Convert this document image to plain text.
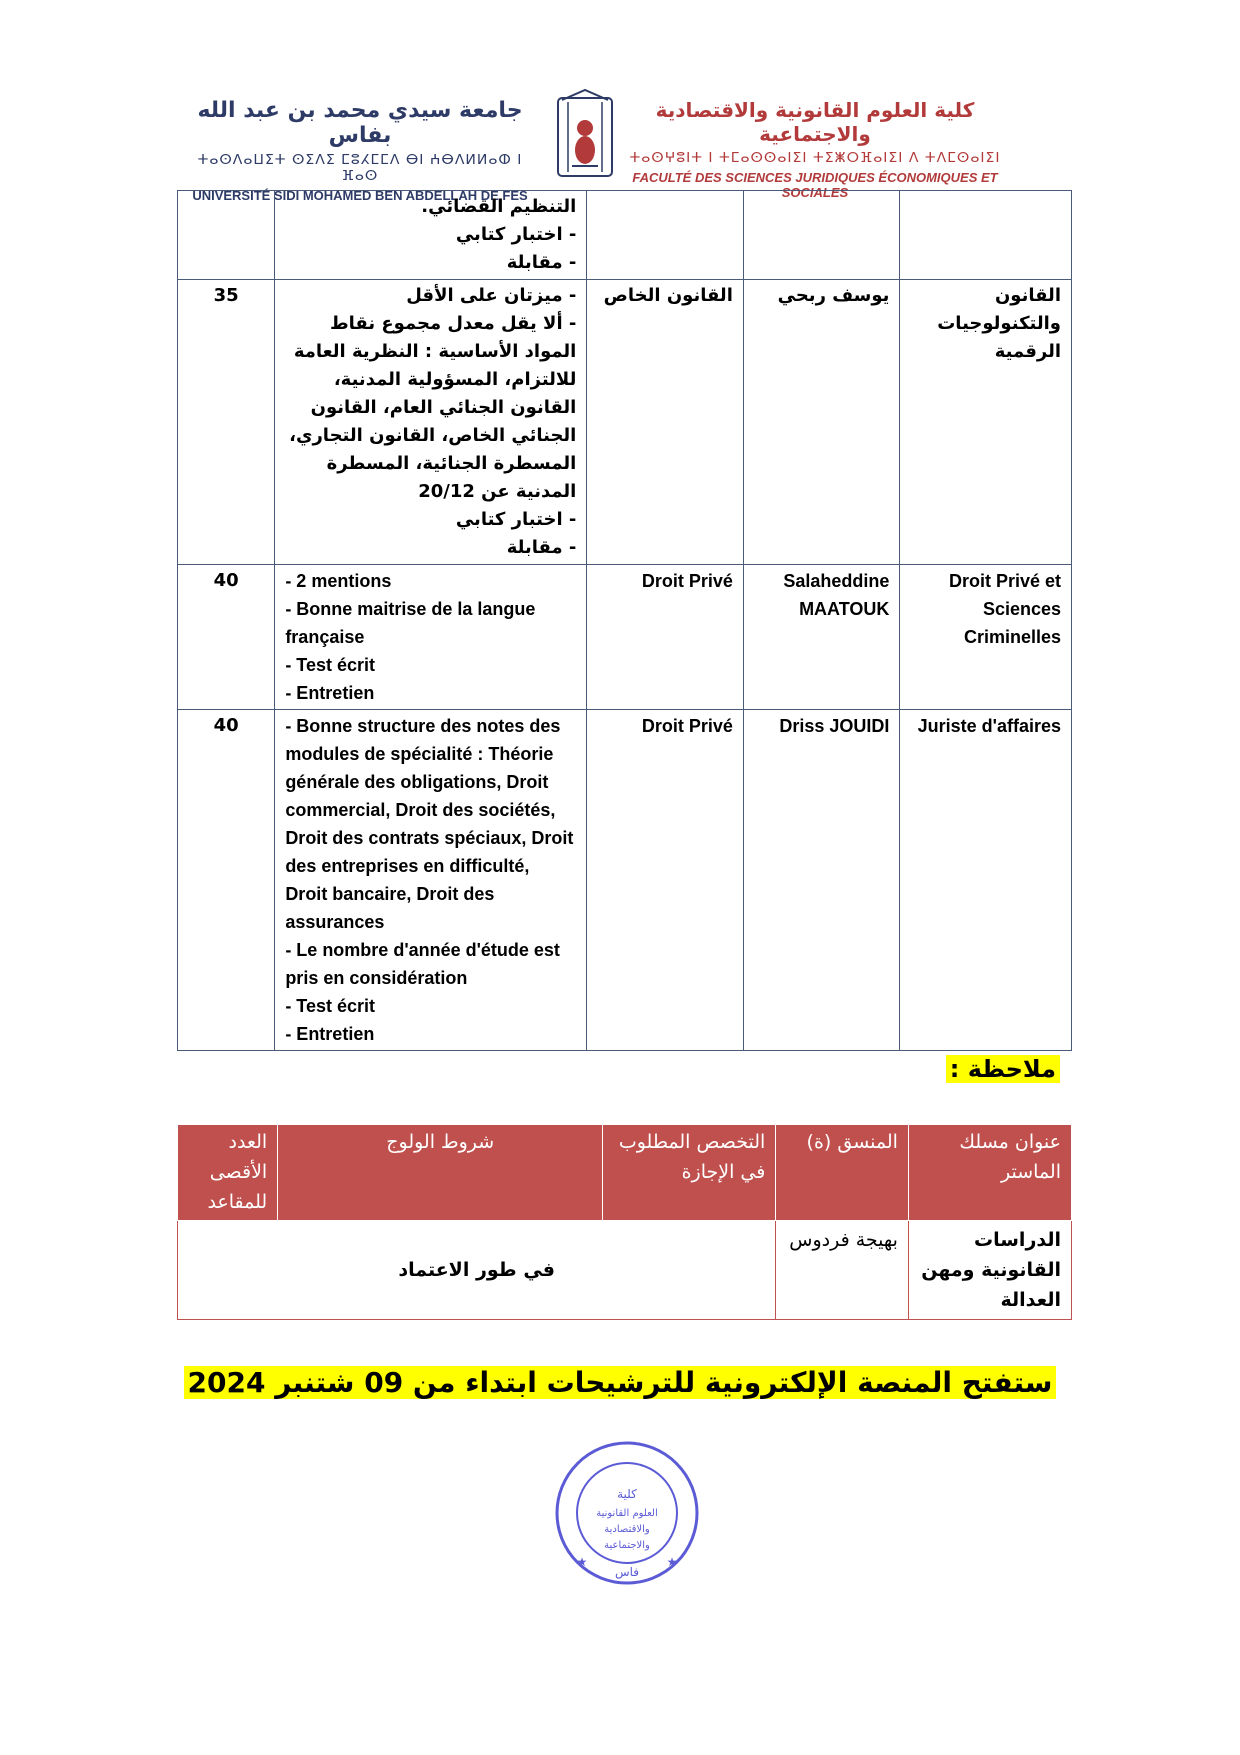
جامعة سيدي محمد بن عبد الله بفاس
ⵜⴰⵙⴷⴰⵡⵉⵜ ⵙⵉⴷⵉ ⵎⵓⵃⵎⵎⴷ ⴱⵏ ⵄⴱⴷⵍⵍⴰⵀ ⵏ ⴼⴰⵙ
UNIVERSITÉ SIDI MOHAMED BEN ABDELLAH DE FES
كلية العلوم القانونية والاقتصادية والاجتماعية
ⵜⴰⵙⵖⵓⵏⵜ ⵏ ⵜⵎⴰⵙⵙⴰⵏⵉⵏ ⵜⵉⵥⵔⴼⴰⵏⵉⵏ ⴷ ⵜⴷⵎⵙⴰⵏⵉⵏ
FACULTÉ DES SCIENCES JURIDIQUES ÉCONOMIQUES ET SOCIALES

	التنظيم القضائي.
- اختبار كتابي
- مقابلة			

35	- ميزتان على الأقل
- ألا يقل معدل مجموع نقاط المواد الأساسية : النظرية العامة للالتزام، المسؤولية المدنية، القانون الجنائي العام، القانون الجنائي الخاص، القانون التجاري، المسطرة الجنائية، المسطرة المدنية عن 20/12
- اختبار كتابي
- مقابلة	القانون الخاص	يوسف ربحي	القانون والتكنولوجيات الرقمية
40	- 2 mentions
- Bonne maitrise de la langue française
- Test écrit
- Entretien	Droit Privé	Salaheddine MAATOUK	Droit Privé et Sciences Criminelles
40	- Bonne structure des notes des modules de spécialité : Théorie générale des obligations, Droit commercial, Droit des sociétés, Droit des contrats spéciaux, Droit des entreprises en difficulté, Droit bancaire, Droit des assurances
- Le nombre d'année d'étude est pris en considération
- Test écrit
- Entretien	Droit Privé	Driss JOUIDI	Juriste d'affaires
ملاحظة :
العدد الأقصى للمقاعد	شروط الولوج	التخصص المطلوب في الإجازة	المنسق (ة)	عنوان مسلك الماستر
في طور الاعتماد			بهيجة فردوس	الدراسات القانونية ومهن العدالة
ستفتح المنصة الإلكترونية للترشيحات ابتداء من 09 شتنبر 2024
كلية
العلوم القانونية
والاقتصادية
والاجتماعية
فاس
★	★
